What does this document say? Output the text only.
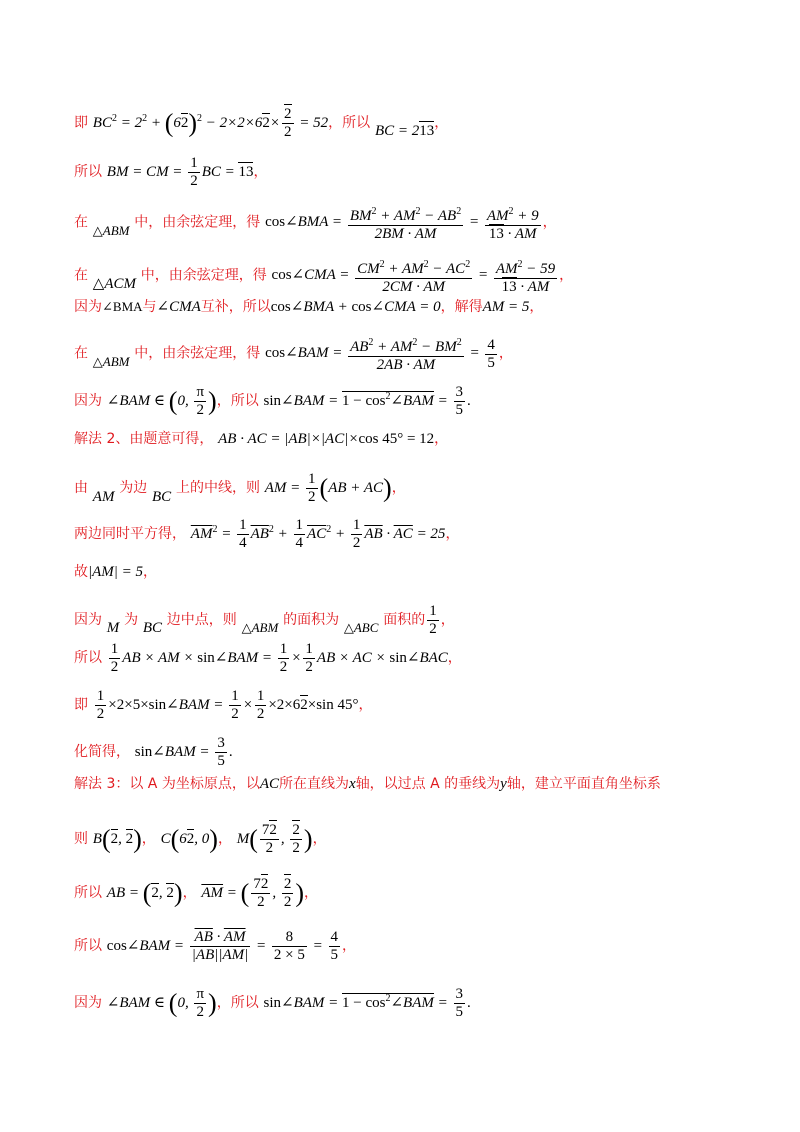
即 $BC^2 = 2^2 + (62)^2 - 2\times 2\times 62\times \frac{2}{2} = 52$，所以 BC = 213，
所以 BM = CM = $\frac{1}{2}$ BC = 13，
在 △ABM 中，由余弦定理，得 cos∠BMA = $\frac{BM^2 + AM^2 - AB^2}{2BM \cdot AM} = \frac{AM^2 + 9}{13 \cdot AM}$ ，
在 △ACM 中，由余弦定理，得 cos∠CMA = $\frac{CM^2 + AM^2 - AC^2}{2CM \cdot AM} = \frac{AM^2 - 59}{13 \cdot AM}$ ，
因为∠BMA与∠CMA互补，所以cos∠BMA + cos∠CMA = 0，解得AM = 5，
在 △ABM 中，由余弦定理，得 cos∠BAM = $\frac{AB^2 + AM^2 - BM^2}{2AB \cdot AM} = \frac{4}{5}$ ，
因为 ∠BAM ∈ (0, $\frac{\pi}{2}$ )，所以 sin∠BAM = $1 - \cos^2\angle BAM = \frac{3}{5}$ .
解法 2、由题意可得， AB · AC = |AB|×|AC|×cos 45° = 12，
由 AM 为边 BC 上的中线，则 AM = $\frac{1}{2} (AB + AC)$，
两边同时平方得， $\overline{AM}^2 = \frac{1}{4} \overline{AB}^2 + \frac{1}{4} \overline{AC}^2 + \frac{1}{2} \overline{AB} \cdot \overline{AC} = 25$，
故|AM| = 5，
因为 M 为 BC 边中点，则 △ABM 的面积为 △ABC 面积的 $\frac{1}{2}$ ，
所以 $\frac{1}{2}$ AB × AM × sin∠BAM = $\frac{1}{2} \times \frac{1}{2}$ AB × AC × sin∠BAC，
即 $\frac{1}{2}$ ×2×5×sin∠BAM = $\frac{1}{2} \times \frac{1}{2} \times 2\times 62\times\sin$ 45°，
化简得， sin∠BAM = $\frac{3}{5}$ .
解法 3：以 A 为坐标原点，以AC所在直线为x轴，以过点 A 的垂线为y轴，建立平面直角坐标系
则 B(2, 2)， C(62, 0)， $M( \frac{72}{2}$ , $\frac{2}{2}$ )，
所以 AB = (2, 2)， $\overline{AM}$ = ( $\frac{72}{2}$ , $\frac{2}{2}$ )，
所以 cos∠BAM = $\frac{\overline{AB} \cdot \overline{AM}}{|AB||\overline{AM}|} = \frac{8}{2 \times 5} = \frac{4}{5}$ ，
因为 ∠BAM ∈ (0, $\frac{\pi}{2}$ )，所以 sin∠BAM = $1 - \cos^2\angle BAM = \frac{3}{5}$ .
